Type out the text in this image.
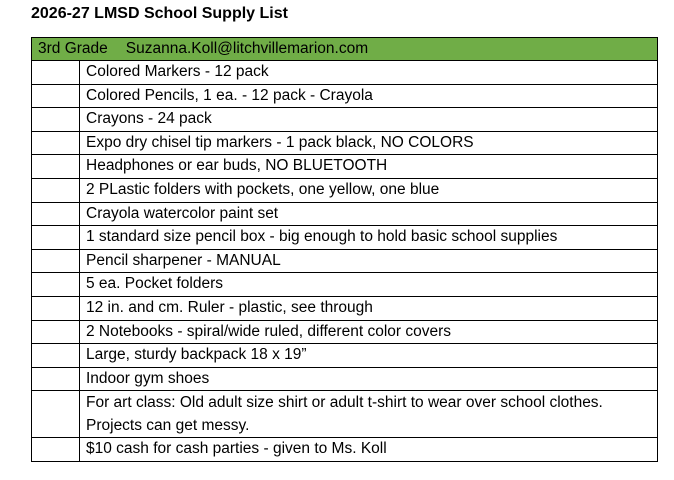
2026-27 LMSD School Supply List
3rd Grade Suzanna.Koll@litchvillemarion.com	
	Colored Markers - 12 pack
	Colored Pencils, 1 ea. - 12 pack - Crayola
	Crayons - 24 pack
	Expo dry chisel tip markers - 1 pack black, NO COLORS
	Headphones or ear buds, NO BLUETOOTH
	2 PLastic folders with pockets, one yellow, one blue
	Crayola watercolor paint set
	1 standard size pencil box - big enough to hold basic school supplies
	Pencil sharpener - MANUAL
	5 ea. Pocket folders
	12 in. and cm. Ruler - plastic, see through
	2 Notebooks - spiral/wide ruled, different color covers
	Large, sturdy backpack 18 x 19”
	Indoor gym shoes
	For art class: Old adult size shirt or adult t-shirt to wear over school clothes. Projects can get messy.
	$10 cash for cash parties - given to Ms. Koll
